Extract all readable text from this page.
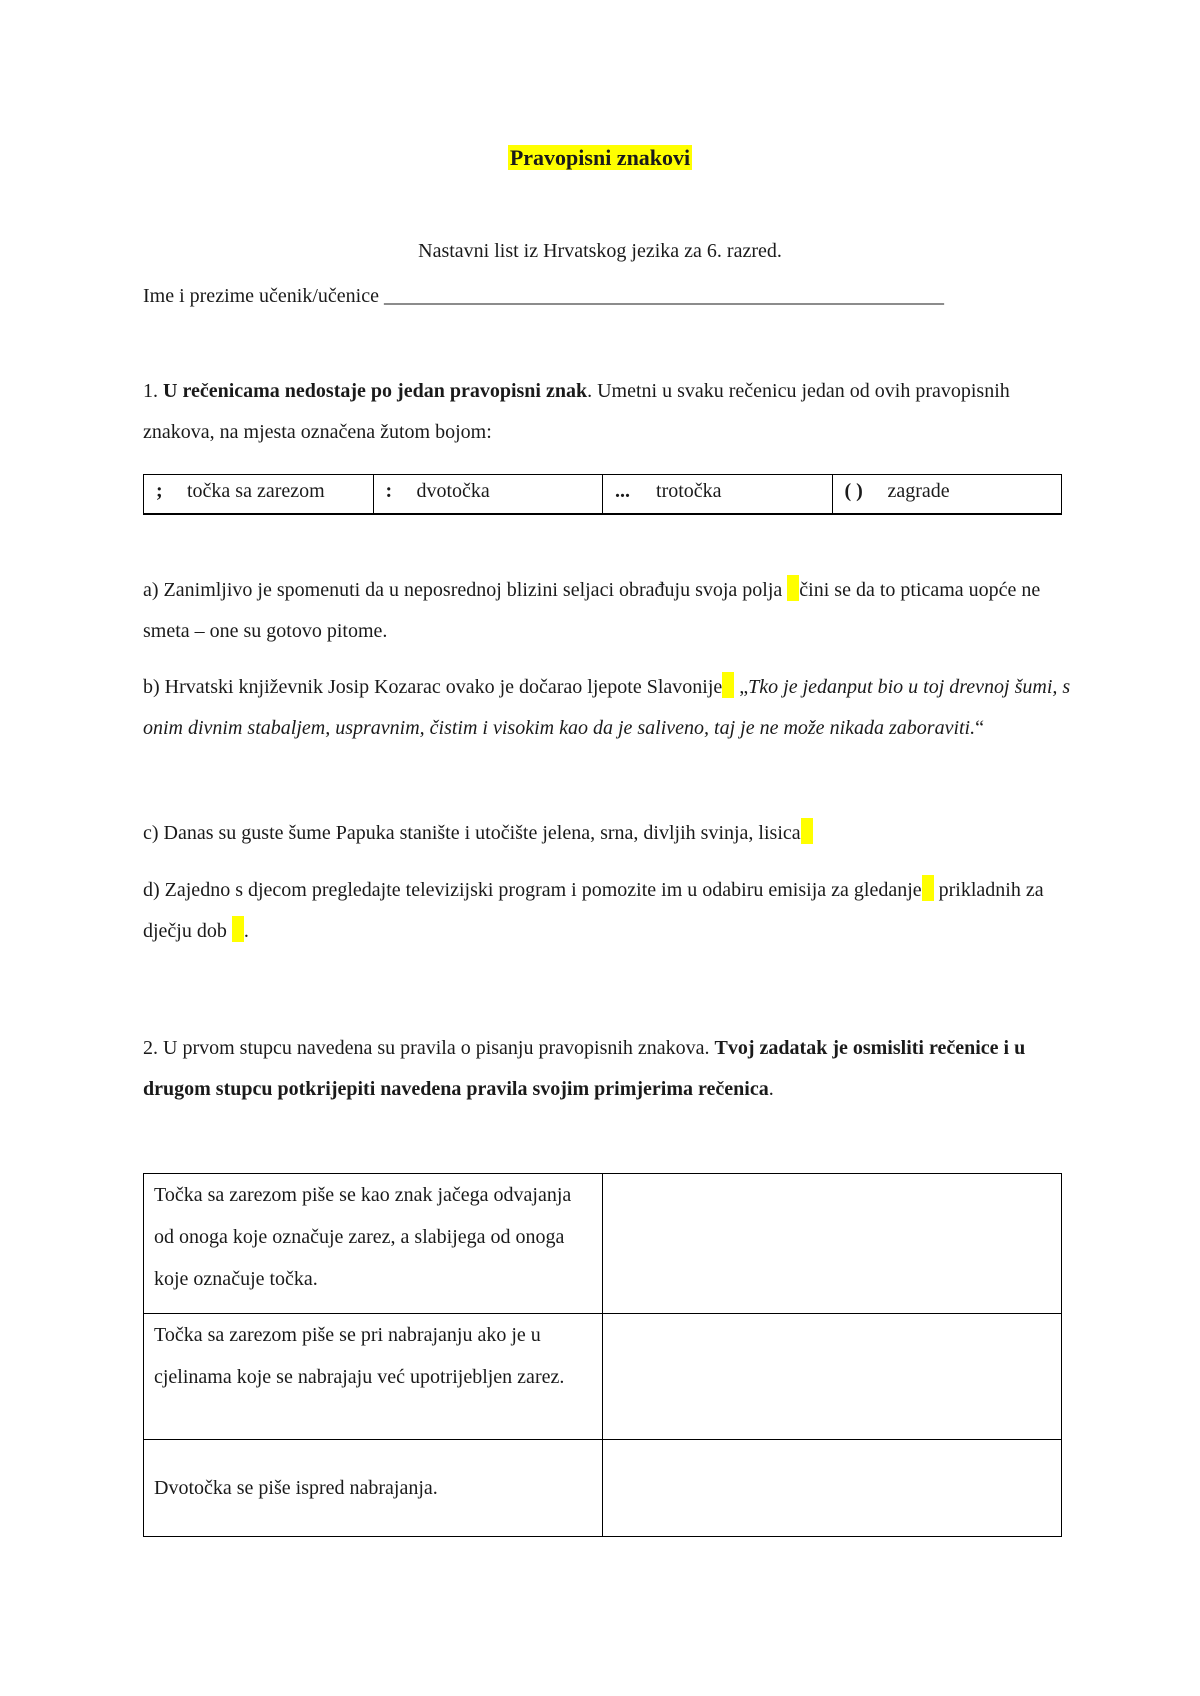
Pravopisni znakovi
Nastavni list iz Hrvatskog jezika za 6. razred.
Ime i prezime učenik/učenice ________________________________________________________

1. U rečenicama nedostaje po jedan pravopisni znak. Umetni u svaku rečenicu jedan od ovih pravopisnih znakova, na mjesta označena žutom bojom:

; točka sa zarezom	: dvotočka	... trotočka	( ) zagrade

a) Zanimljivo je spomenuti da u neposrednoj blizini seljaci obrađuju svoja polja čini se da to pticama uopće ne smeta – one su gotovo pitome.

b) Hrvatski književnik Josip Kozarac ovako je dočarao ljepote Slavonije „Tko je jedanput bio u toj drevnoj šumi, s onim divnim stabaljem, uspravnim, čistim i visokim kao da je saliveno, taj je ne može nikada zaboraviti.“

c) Danas su guste šume Papuka stanište i utočište jelena, srna, divljih svinja, lisica

d) Zajedno s djecom pregledajte televizijski program i pomozite im u odabiru emisija za gledanje prikladnih za dječju dob .

2. U prvom stupcu navedena su pravila o pisanju pravopisnih znakova. Tvoj zadatak je osmisliti rečenice i u drugom stupcu potkrijepiti navedena pravila svojim primjerima rečenica.

Točka sa zarezom piše se kao znak jačega odvajanja od onoga koje označuje zarez, a slabijega od onoga koje označuje točka.	
Točka sa zarezom piše se pri nabrajanju ako je u cjelinama koje se nabrajaju već upotrijebljen zarez.	
Dvotočka se piše ispred nabrajanja.	
